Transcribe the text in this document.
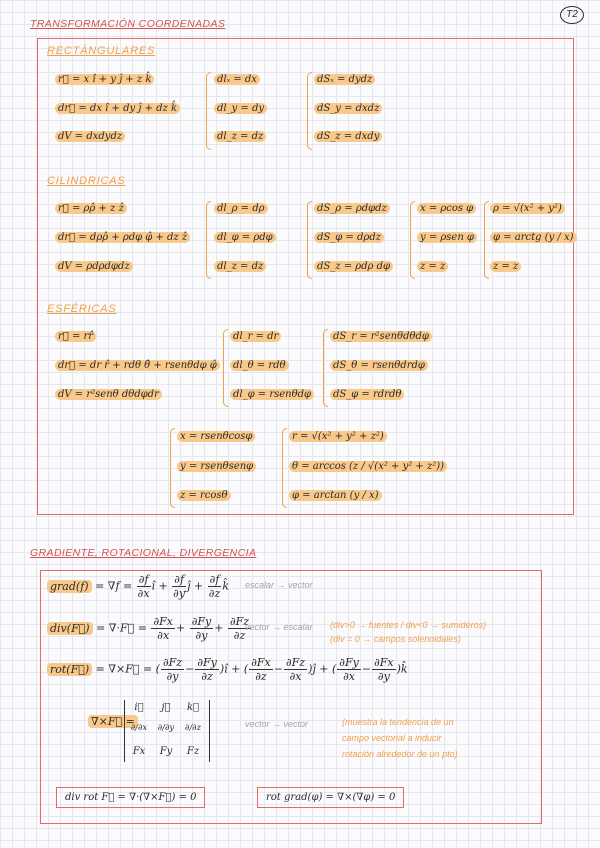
TRANSFORMACIÓN COORDENADAS
T2
RECTÁNGULARES
r⃗ = x î + y ĵ + z k̂
dr⃗ = dx î + dy ĵ + dz k̂
dV = dxdydz
dlₓ = dx
dl_y = dy
dl_z = dz
dSₓ = dydz
dS_y = dxdz
dS_z = dxdy
CILINDRICAS
r⃗ = ρρ̂ + z ẑ
dr⃗ = dρρ̂ + ρdφ φ̂ + dz ẑ
dV = ρdρdφdz
dl_ρ = dρ
dl_φ = ρdφ
dl_z = dz
dS_ρ = ρdφdz
dS_φ = dρdz
dS_z = ρdρ dφ
x = ρcos φ
y = ρsen φ
z = z
ρ = √(x² + y²)
φ = arctg (y / x)
z = z
ESFÉRICAS
r⃗ = rr̂
dr⃗ = dr r̂ + rdθ θ̂ + rsenθdφ φ̂
dV = r²senθ dθdφdr
dl_r = dr
dl_θ = rdθ
dl_φ = rsenθdφ
dS_r = r²senθdθdφ
dS_θ = rsenθdrdφ
dS_φ = rdrdθ
x = rsenθcosφ
y = rsenθsenφ
z = rcosθ
r = √(x² + y² + z²)
θ = arccos (z / √(x² + y² + z²))
φ = arctan (y / x)
GRADIENTE, ROTACIONAL, DIVERGENCIA
grad(f) = $\nabla f = \frac{\partial f}{\partial x}$ î + $\frac{\partial f}{\partial y}$ ĵ + $\frac{\partial f}{\partial z}$ k̂ escalar → vector
div(F⃗) = ∇·F⃗ = $\frac{\partial Fx}{\partial x} + \frac{\partial Fy}{\partial y} + \frac{\partial Fz}{\partial z}$
vector → escalar (div>0 → fuentes / div<0 → sumideros)
(div = 0 → campos solenoidales)
rot(F⃗) = ∇×F⃗ = ( $\frac{\partial Fz}{\partial y} - \frac{\partial Fy}{\partial z}$ )î + ( $\frac{\partial Fx}{\partial z} - \frac{\partial Fz}{\partial x}$ )ĵ + ( $\frac{\partial Fy}{\partial x} - \frac{\partial Fx}{\partial y}$ )k̂
∇×F⃗ =
i⃗	j⃗	k⃗
∂/∂x	∂/∂y	∂/∂z
Fx	Fy	Fz
vector → vector	(muestra la tendencia de un
campo vectorial a inducir
rotación alrededor de un pto)
div rot F⃗ = ∇·(∇×F⃗) = 0	rot grad(φ) = ∇×(∇φ) = 0
